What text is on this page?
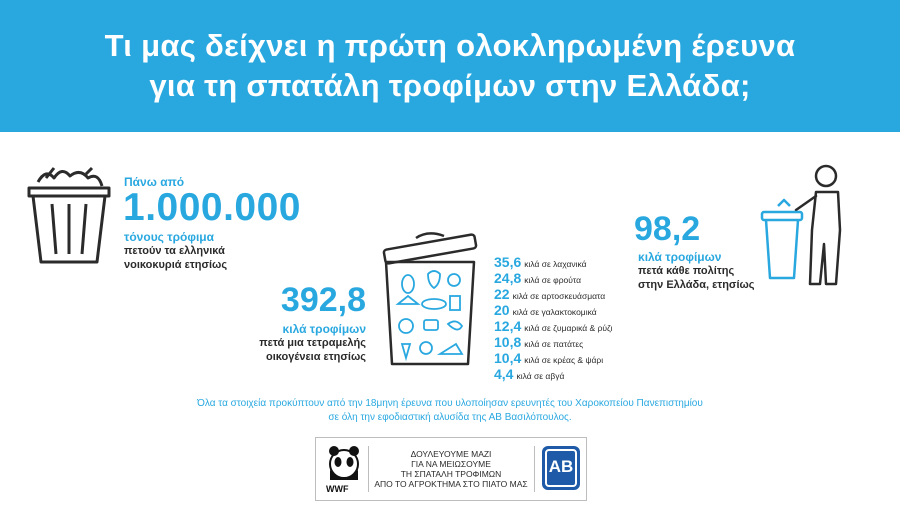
Τι μας δείχνει η πρώτη ολοκληρωμένη έρευνα
για τη σπατάλη τροφίμων στην Ελλάδα;
Πάνω από
1.000.000
τόνους τρόφιμα
πετούν τα ελληνικά
νοικοκυριά ετησίως
392,8
κιλά τροφίμων
πετά μια τετραμελής
οικογένεια ετησίως
35,6 κιλά σε λαχανικά
24,8 κιλά σε φρούτα
22 κιλά σε αρτοσκευάσματα
20 κιλά σε γαλακτοκομικά
12,4 κιλά σε ζυμαρικά & ρύζι
10,8 κιλά σε πατάτες
10,4 κιλά σε κρέας & ψάρι
4,4 κιλά σε αβγά
98,2
κιλά τροφίμων
πετά κάθε πολίτης
στην Ελλάδα, ετησίως
Όλα τα στοιχεία προκύπτουν από την 18μηνη έρευνα που υλοποίησαν ερευνητές του Χαροκοπείου Πανεπιστημίου
σε όλη την εφοδιαστική αλυσίδα της ΑΒ Βασιλόπουλος.
WWF
ΔΟΥΛΕΥΟΥΜΕ ΜΑΖΙ
ΓΙΑ ΝΑ ΜΕΙΩΣΟΥΜΕ
ΤΗ ΣΠΑΤΑΛΗ ΤΡΟΦΙΜΩΝ
ΑΠΟ ΤΟ ΑΓΡΟΚΤΗΜΑ ΣΤΟ ΠΙΑΤΟ ΜΑΣ
AB
